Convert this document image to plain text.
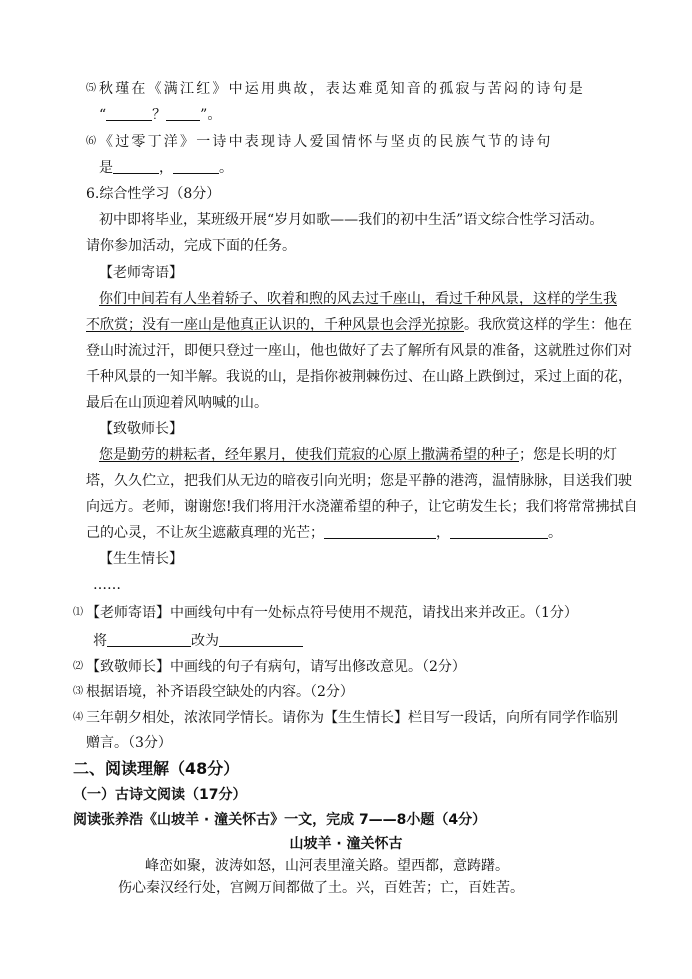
⑸ 秋瑾在《满江红》中运用典故，表达难觅知音的孤寂与苦闷的诗句是
“	？ ”。
⑹ 《过零丁洋》一诗中表现诗人爱国情怀与坚贞的民族气节的诗句
是	，	。
6.综合性学习（8分）
初中即将毕业，某班级开展“岁月如歌——我们的初中生活”语文综合性学习活动。
请你参加活动，完成下面的任务。
【老师寄语】
你们中间若有人坐着轿子、吹着和煦的风去过千座山，看过千种风景，这样的学生我
不欣赏；没有一座山是他真正认识的，千种风景也会浮光掠影。我欣赏这样的学生：他在
登山时流过汗，即便只登过一座山，他也做好了去了解所有风景的准备，这就胜过你们对
千种风景的一知半解。我说的山，是指你被荆棘伤过、在山路上跌倒过，采过上面的花，
最后在山顶迎着风呐喊的山。
【致敬师长】
您是勤劳的耕耘者，经年累月，使我们荒寂的心原上撒满希望的种子；您是长明的灯
塔，久久伫立，把我们从无边的暗夜引向光明；您是平静的港湾，温情脉脉，目送我们驶
向远方。老师，谢谢您!我们将用汗水浇灌希望的种子，让它萌发生长；我们将常常拂拭自
己的心灵，不让灰尘遮蔽真理的光芒；	，	。
【生生情长】
……
⑴ 【老师寄语】中画线句中有一处标点符号使用不规范，请找出来并改正。（1分）
将	改为
⑵ 【致敬师长】中画线的句子有病句，请写出修改意见。（2分）
⑶ 根据语境，补齐语段空缺处的内容。（2分）
⑷ 三年朝夕相处，浓浓同学情长。请你为【生生情长】栏目写一段话，向所有同学作临别
赠言。（3分）
二、阅读理解（48分）
（一）古诗文阅读（17分）
阅读张养浩《山坡羊 · 潼关怀古》一文，完成 7——8小题（4分）
山坡羊 · 潼关怀古
峰峦如聚，波涛如怒，山河表里潼关路。望西都，意踌躇。
伤心秦汉经行处，宫阙万间都做了土。兴，百姓苦；亡，百姓苦。
